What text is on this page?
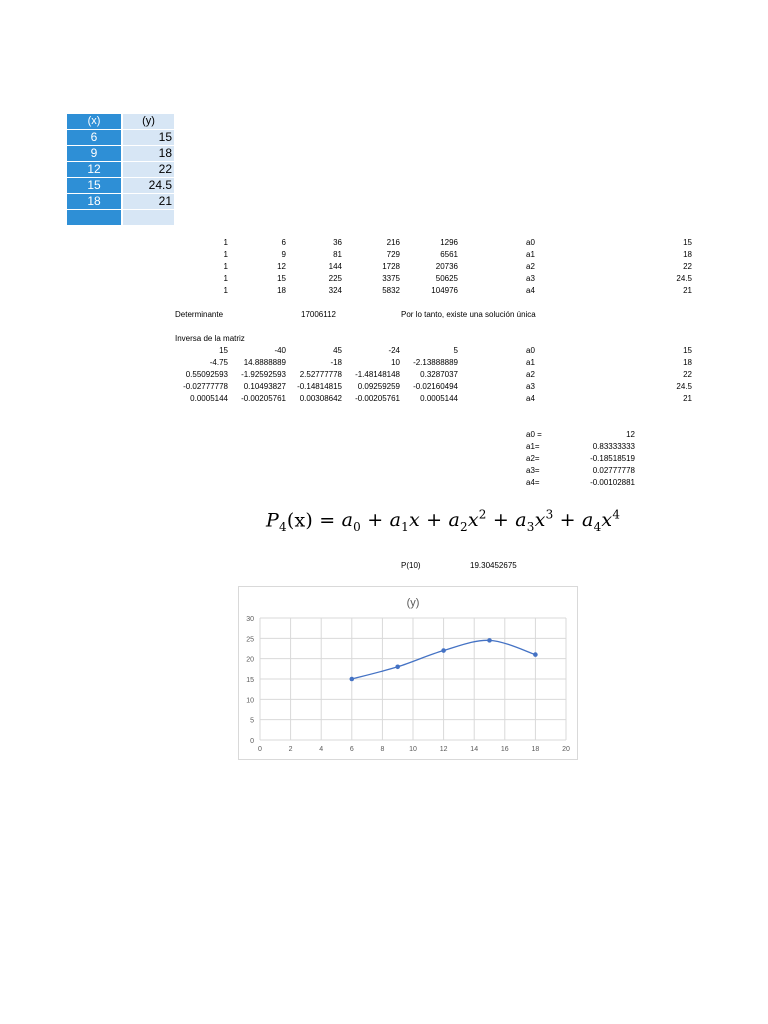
(x)	(y)
6	15
9	18
12	22
15	24.5
18	21
1	6	36	216	1296	a0	15
1	9	81	729	6561	a1	18
1	12	144	1728	20736	a2	22
1	15	225	3375	50625	a3	24.5
1	18	324	5832	104976	a4	21
Determinante	17006112	Por lo tanto, existe una solución única
Inversa de la matriz
15	-40	45	-24	5	a0	15
-4.75	14.8888889	-18	10	-2.13888889	a1	18
0.55092593	-1.92592593	2.52777778	-1.48148148	0.3287037	a2	22
-0.02777778	0.10493827	-0.14814815	0.09259259	-0.02160494	a3	24.5
0.0005144	-0.00205761	0.00308642	-0.00205761	0.0005144	a4	21
a0 =	12
a1=	0.83333333
a2=	-0.18518519
a3=	0.02777778
a4=	-0.00102881
$P_4(x) = a_0 + a_1x + a_2x^2 + a_3x^3 + a_4x^4$
P(10)	19.30452675
(y)
0
5
10
15
20
25
30
0	2	4	6	8	10	12	14	16	18	20
